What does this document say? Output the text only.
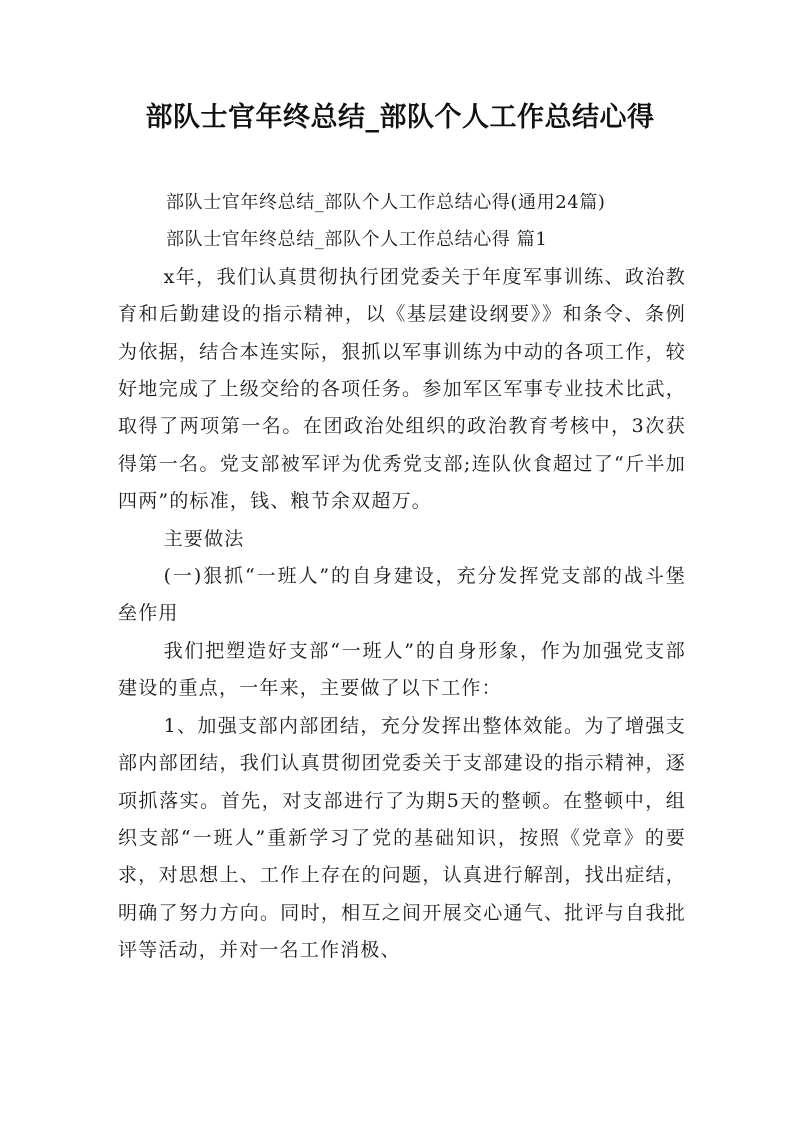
部队士官年终总结_部队个人工作总结心得

部队士官年终总结_部队个人工作总结心得(通用24篇)

部队士官年终总结_部队个人工作总结心得 篇1

x年，我们认真贯彻执行团党委关于年度军事训练、政治教育和后勤建设的指示精神，以《基层建设纲要》》和条令、条例为依据，结合本连实际，狠抓以军事训练为中动的各项工作，较好地完成了上级交给的各项任务。参加军区军事专业技术比武，取得了两项第一名。在团政治处组织的政治教育考核中，3次获得第一名。党支部被军评为优秀党支部;连队伙食超过了“斤半加四两”的标准，钱、粮节余双超万。

主要做法

(一)狠抓“一班人”的自身建设，充分发挥党支部的战斗堡垒作用

我们把塑造好支部“一班人”的自身形象，作为加强党支部建设的重点，一年来，主要做了以下工作：

1、加强支部内部团结，充分发挥出整体效能。为了增强支部内部团结，我们认真贯彻团党委关于支部建设的指示精神，逐项抓落实。首先，对支部进行了为期5天的整顿。在整顿中，组织支部“一班人”重新学习了党的基础知识，按照《党章》的要求，对思想上、工作上存在的问题，认真进行解剖，找出症结，明确了努力方向。同时，相互之间开展交心通气、批评与自我批评等活动，并对一名工作消极、
